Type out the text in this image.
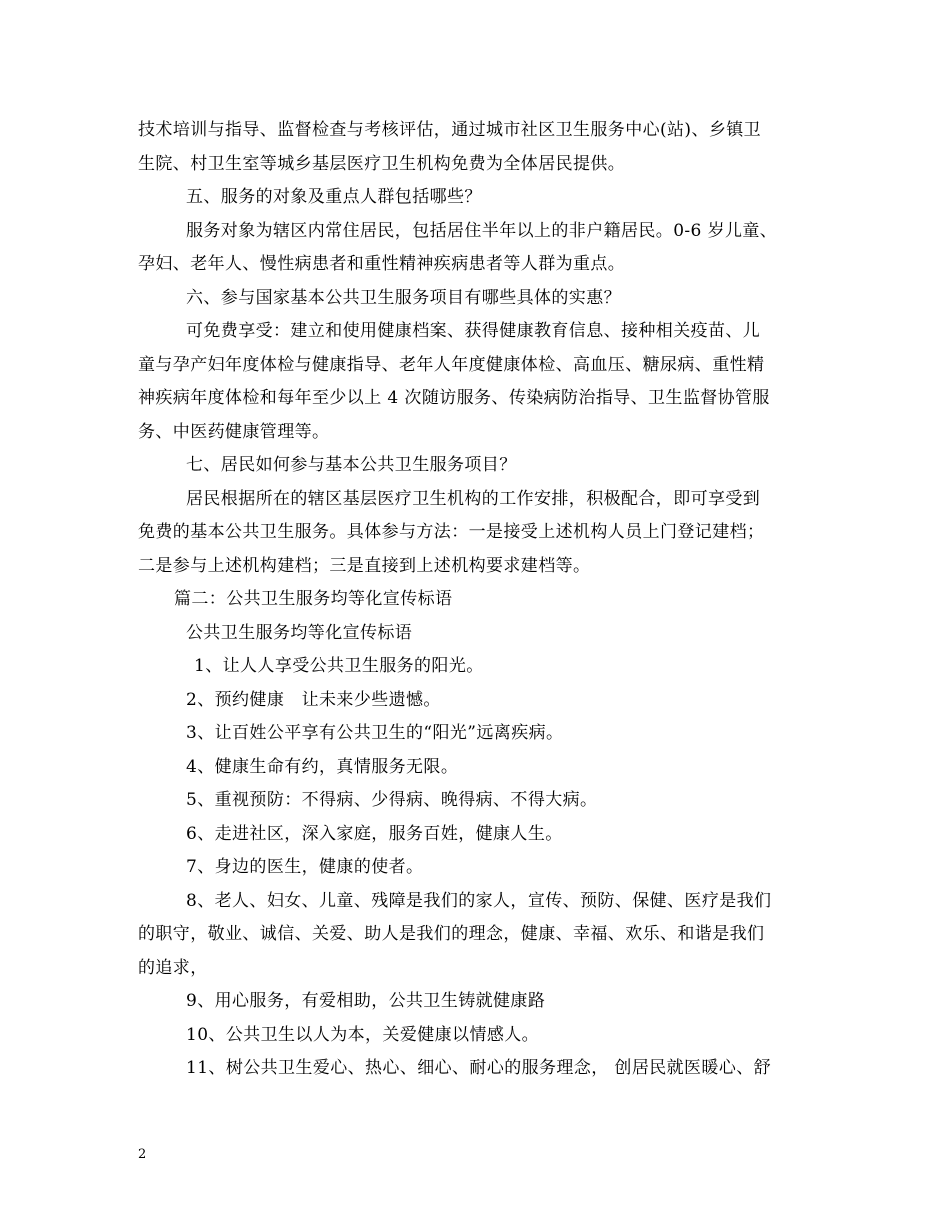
技术培训与指导、监督检查与考核评估，通过城市社区卫生服务中心(站)、乡镇卫
生院、村卫生室等城乡基层医疗卫生机构免费为全体居民提供。
五、服务的对象及重点人群包括哪些？
服务对象为辖区内常住居民，包括居住半年以上的非户籍居民。0-6 岁儿童、
孕妇、老年人、慢性病患者和重性精神疾病患者等人群为重点。
六、参与国家基本公共卫生服务项目有哪些具体的实惠？
可免费享受：建立和使用健康档案、获得健康教育信息、接种相关疫苗、儿
童与孕产妇年度体检与健康指导、老年人年度健康体检、高血压、糖尿病、重性精
神疾病年度体检和每年至少以上 4 次随访服务、传染病防治指导、卫生监督协管服
务、中医药健康管理等。
七、居民如何参与基本公共卫生服务项目？
居民根据所在的辖区基层医疗卫生机构的工作安排，积极配合，即可享受到
免费的基本公共卫生服务。具体参与方法：一是接受上述机构人员上门登记建档；
二是参与上述机构建档；三是直接到上述机构要求建档等。
篇二：公共卫生服务均等化宣传标语
公共卫生服务均等化宣传标语
1、让人人享受公共卫生服务的阳光。
2、预约健康　让未来少些遗憾。
3、让百姓公平享有公共卫生的“阳光”远离疾病。
4、健康生命有约，真情服务无限。
5、重视预防：不得病、少得病、晚得病、不得大病。
6、走进社区，深入家庭，服务百姓，健康人生。
7、身边的医生，健康的使者。
8、老人、妇女、儿童、残障是我们的家人，宣传、预防、保健、医疗是我们
的职守，敬业、诚信、关爱、助人是我们的理念，健康、幸福、欢乐、和谐是我们
的追求，
9、用心服务，有爱相助，公共卫生铸就健康路
10、公共卫生以人为本，关爱健康以情感人。
11、树公共卫生爱心、热心、细心、耐心的服务理念， 创居民就医暖心、舒
2
